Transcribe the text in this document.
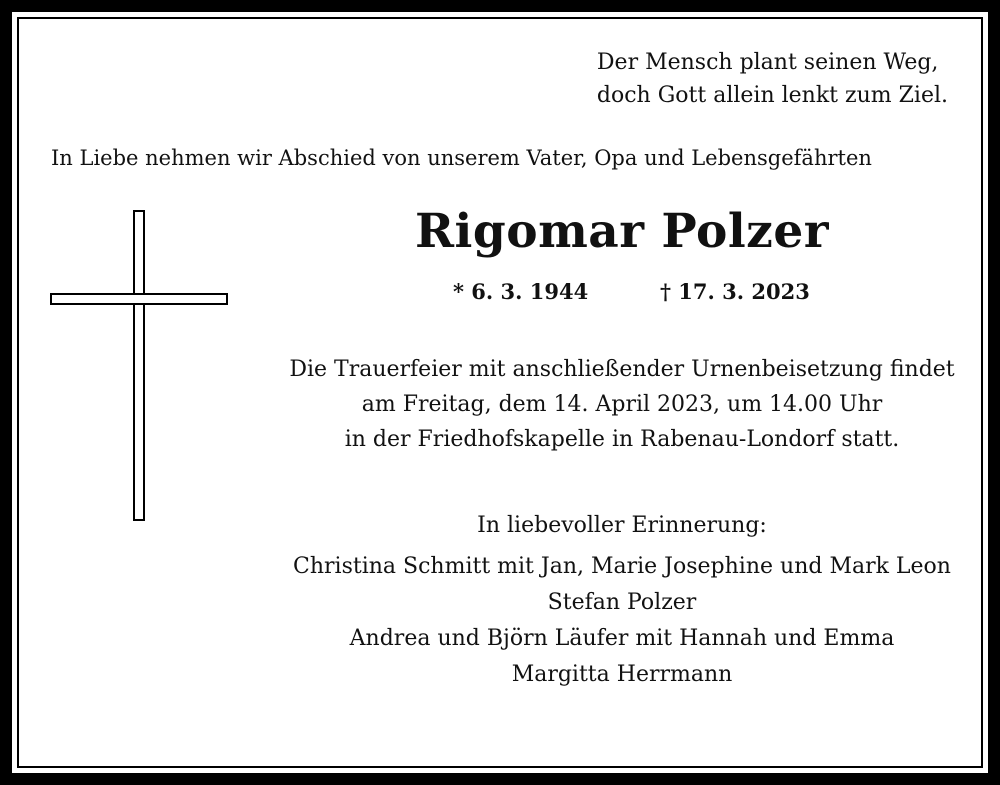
Der Mensch plant seinen Weg,
doch Gott allein lenkt zum Ziel.
In Liebe nehmen wir Abschied von unserem Vater, Opa und Lebensgefährten
Rigomar Polzer
* 6. 3. 1944	† 17. 3. 2023
Die Trauerfeier mit anschließender Urnenbeisetzung findet
am Freitag, dem 14. April 2023, um 14.00 Uhr
in der Friedhofskapelle in Rabenau-Londorf statt.
In liebevoller Erinnerung:
Christina Schmitt mit Jan, Marie Josephine und Mark Leon
Stefan Polzer
Andrea und Björn Läufer mit Hannah und Emma
Margitta Herrmann
